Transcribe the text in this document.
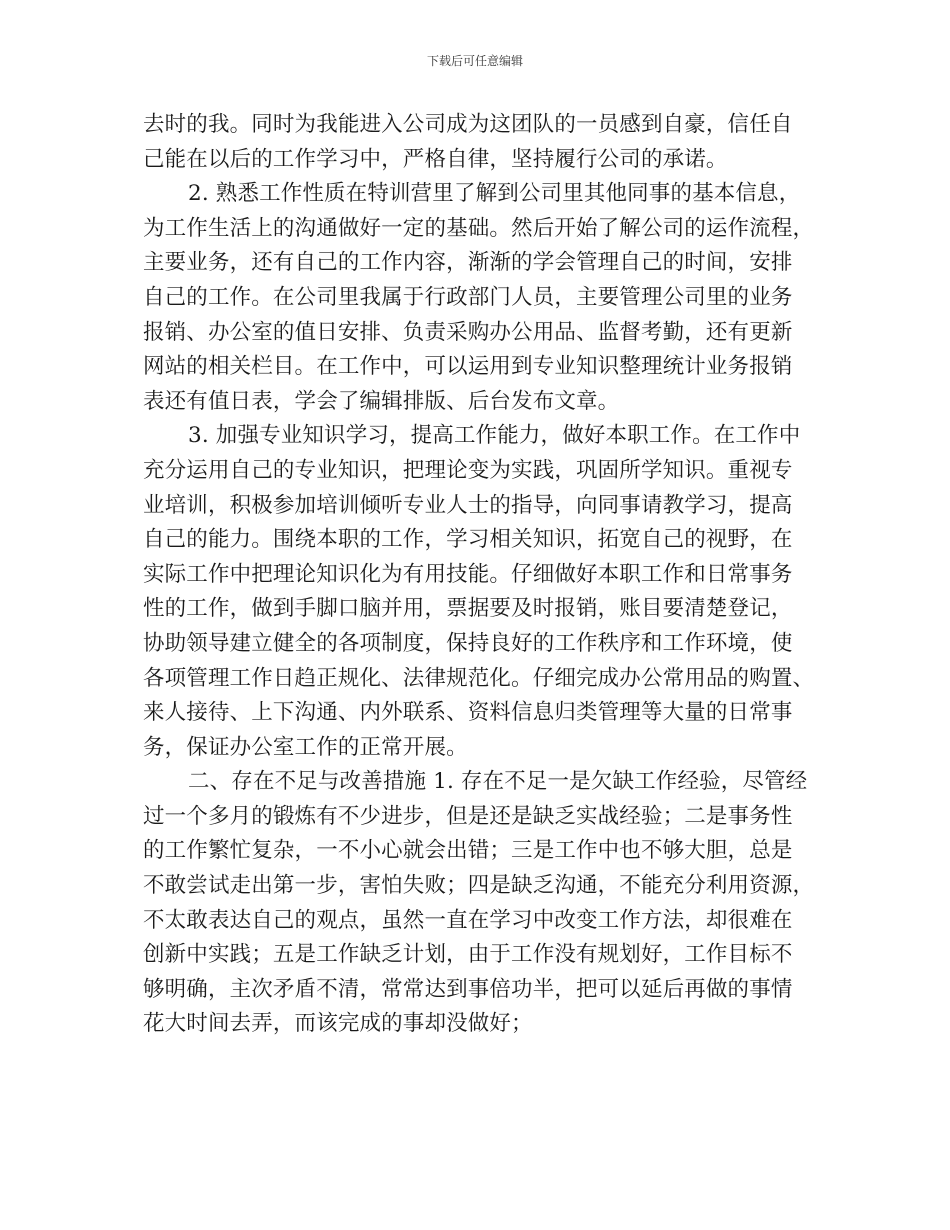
下载后可任意编辑
去时的我。同时为我能进入公司成为这团队的一员感到自豪，信任自
己能在以后的工作学习中，严格自律，坚持履行公司的承诺。
2. 熟悉工作性质在特训营里了解到公司里其他同事的基本信息，
为工作生活上的沟通做好一定的基础。然后开始了解公司的运作流程，
主要业务，还有自己的工作内容，渐渐的学会管理自己的时间，安排
自己的工作。在公司里我属于行政部门人员，主要管理公司里的业务
报销、办公室的值日安排、负责采购办公用品、监督考勤，还有更新
网站的相关栏目。在工作中，可以运用到专业知识整理统计业务报销
表还有值日表，学会了编辑排版、后台发布文章。
3. 加强专业知识学习，提高工作能力，做好本职工作。在工作中
充分运用自己的专业知识，把理论变为实践，巩固所学知识。重视专
业培训，积极参加培训倾听专业人士的指导，向同事请教学习，提高
自己的能力。围绕本职的工作，学习相关知识，拓宽自己的视野，在
实际工作中把理论知识化为有用技能。仔细做好本职工作和日常事务
性的工作，做到手脚口脑并用，票据要及时报销，账目要清楚登记，
协助领导建立健全的各项制度，保持良好的工作秩序和工作环境，使
各项管理工作日趋正规化、法律规范化。仔细完成办公常用品的购置、
来人接待、上下沟通、内外联系、资料信息归类管理等大量的日常事
务，保证办公室工作的正常开展。
二、存在不足与改善措施 1. 存在不足一是欠缺工作经验，尽管经
过一个多月的锻炼有不少进步，但是还是缺乏实战经验；二是事务性
的工作繁忙复杂，一不小心就会出错；三是工作中也不够大胆，总是
不敢尝试走出第一步，害怕失败；四是缺乏沟通，不能充分利用资源，
不太敢表达自己的观点，虽然一直在学习中改变工作方法，却很难在
创新中实践；五是工作缺乏计划，由于工作没有规划好，工作目标不
够明确，主次矛盾不清，常常达到事倍功半，把可以延后再做的事情
花大时间去弄，而该完成的事却没做好；
